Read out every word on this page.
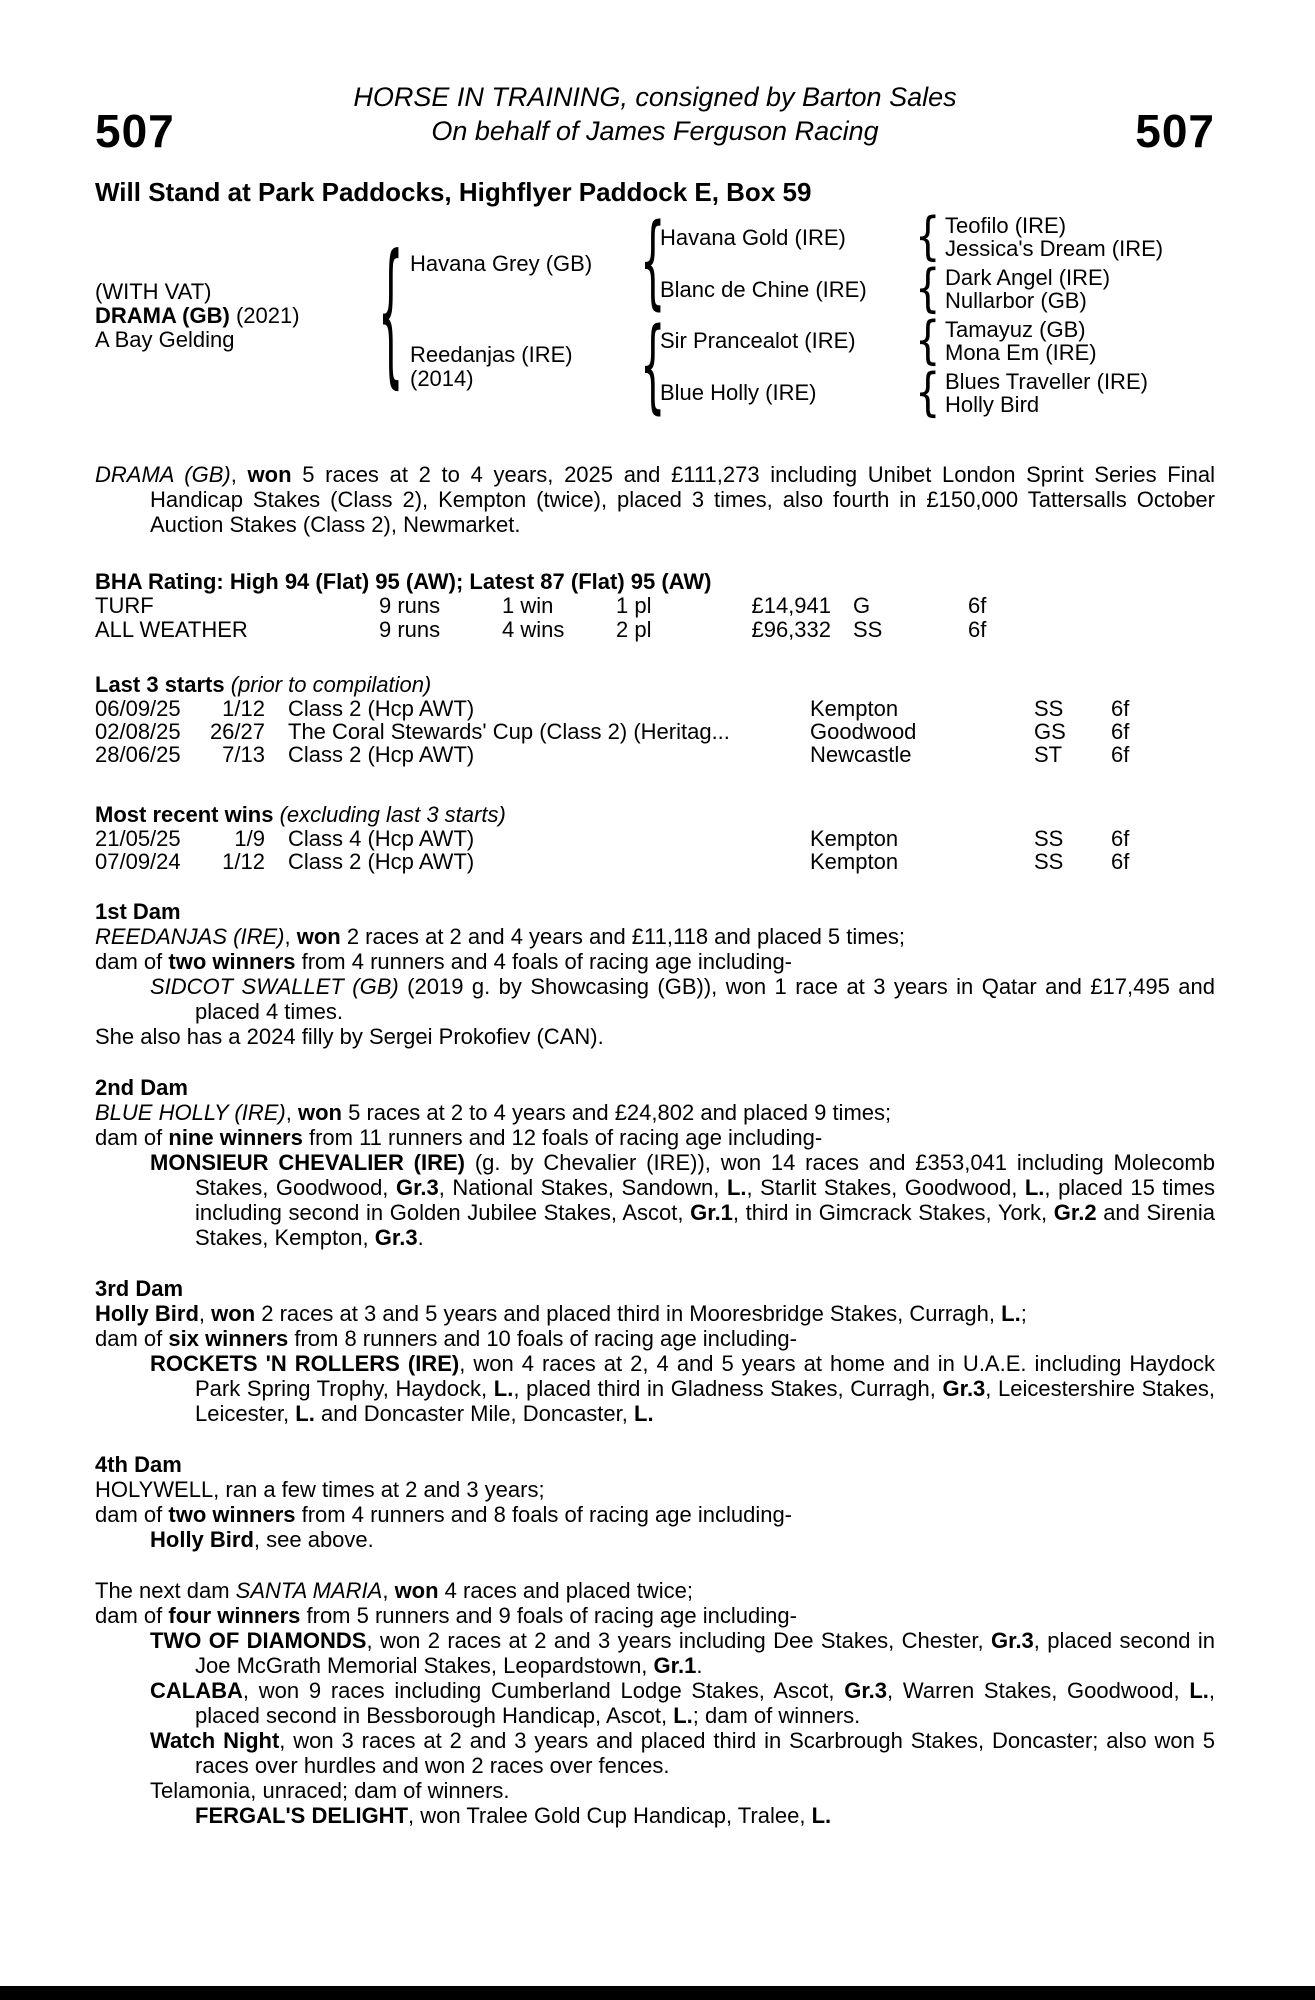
507	507
HORSE IN TRAINING, consigned by Barton Sales
On behalf of James Ferguson Racing
Will Stand at Park Paddocks, Highflyer Paddock E, Box 59
(WITH VAT)
DRAMA (GB) (2021)
A Bay Gelding	{ Havana Grey (GB)
Reedanjas (IRE)
(2014)
{
{
Havana Gold (IRE)
Blanc de Chine (IRE)
Sir Prancealot (IRE)
Blue Holly (IRE)
{
{
{
{
Teofilo (IRE)
Jessica's Dream (IRE)
Dark Angel (IRE)
Nullarbor (GB)
Tamayuz (GB)
Mona Em (IRE)
Blues Traveller (IRE)
Holly Bird

DRAMA (GB), won 5 races at 2 to 4 years, 2025 and £111,273 including Unibet London Sprint Series Final Handicap Stakes (Class 2), Kempton (twice), placed 3 times, also fourth in £150,000 Tattersalls October Auction Stakes (Class 2), Newmarket.

BHA Rating: High 94 (Flat) 95 (AW); Latest 87 (Flat) 95 (AW)
TURF	9 runs	1 win	1 pl	£14,941	G	6f
ALL WEATHER	9 runs	4 wins	2 pl	£96,332	SS	6f
Last 3 starts (prior to compilation)
06/09/25	1/12	Class 2 (Hcp AWT)	Kempton	SS	6f
02/08/25	26/27	The Coral Stewards' Cup (Class 2) (Heritag...	Goodwood	GS	6f
28/06/25	7/13	Class 2 (Hcp AWT)	Newcastle	ST	6f
Most recent wins (excluding last 3 starts)
21/05/25	1/9	Class 4 (Hcp AWT)	Kempton	SS	6f
07/09/24	1/12	Class 2 (Hcp AWT)	Kempton	SS	6f

1st Dam

REEDANJAS (IRE), won 2 races at 2 and 4 years and £11,118 and placed 5 times;

dam of two winners from 4 runners and 4 foals of racing age including-

SIDCOT SWALLET (GB) (2019 g. by Showcasing (GB)), won 1 race at 3 years in Qatar and £17,495 and placed 4 times.

She also has a 2024 filly by Sergei Prokofiev (CAN).

2nd Dam

BLUE HOLLY (IRE), won 5 races at 2 to 4 years and £24,802 and placed 9 times;

dam of nine winners from 11 runners and 12 foals of racing age including-

MONSIEUR CHEVALIER (IRE) (g. by Chevalier (IRE)), won 14 races and £353,041 including Molecomb Stakes, Goodwood, Gr.3, National Stakes, Sandown, L., Starlit Stakes, Goodwood, L., placed 15 times including second in Golden Jubilee Stakes, Ascot, Gr.1, third in Gimcrack Stakes, York, Gr.2 and Sirenia Stakes, Kempton, Gr.3.

3rd Dam

Holly Bird, won 2 races at 3 and 5 years and placed third in Mooresbridge Stakes, Curragh, L.;

dam of six winners from 8 runners and 10 foals of racing age including-

ROCKETS 'N ROLLERS (IRE), won 4 races at 2, 4 and 5 years at home and in U.A.E. including Haydock Park Spring Trophy, Haydock, L., placed third in Gladness Stakes, Curragh, Gr.3, Leicestershire Stakes, Leicester, L. and Doncaster Mile, Doncaster, L.

4th Dam

HOLYWELL, ran a few times at 2 and 3 years;

dam of two winners from 4 runners and 8 foals of racing age including-

Holly Bird, see above.

The next dam SANTA MARIA, won 4 races and placed twice;

dam of four winners from 5 runners and 9 foals of racing age including-

TWO OF DIAMONDS, won 2 races at 2 and 3 years including Dee Stakes, Chester, Gr.3, placed second in Joe McGrath Memorial Stakes, Leopardstown, Gr.1.

CALABA, won 9 races including Cumberland Lodge Stakes, Ascot, Gr.3, Warren Stakes, Goodwood, L., placed second in Bessborough Handicap, Ascot, L.; dam of winners.

Watch Night, won 3 races at 2 and 3 years and placed third in Scarbrough Stakes, Doncaster; also won 5 races over hurdles and won 2 races over fences.

Telamonia, unraced; dam of winners.

FERGAL'S DELIGHT, won Tralee Gold Cup Handicap, Tralee, L.
